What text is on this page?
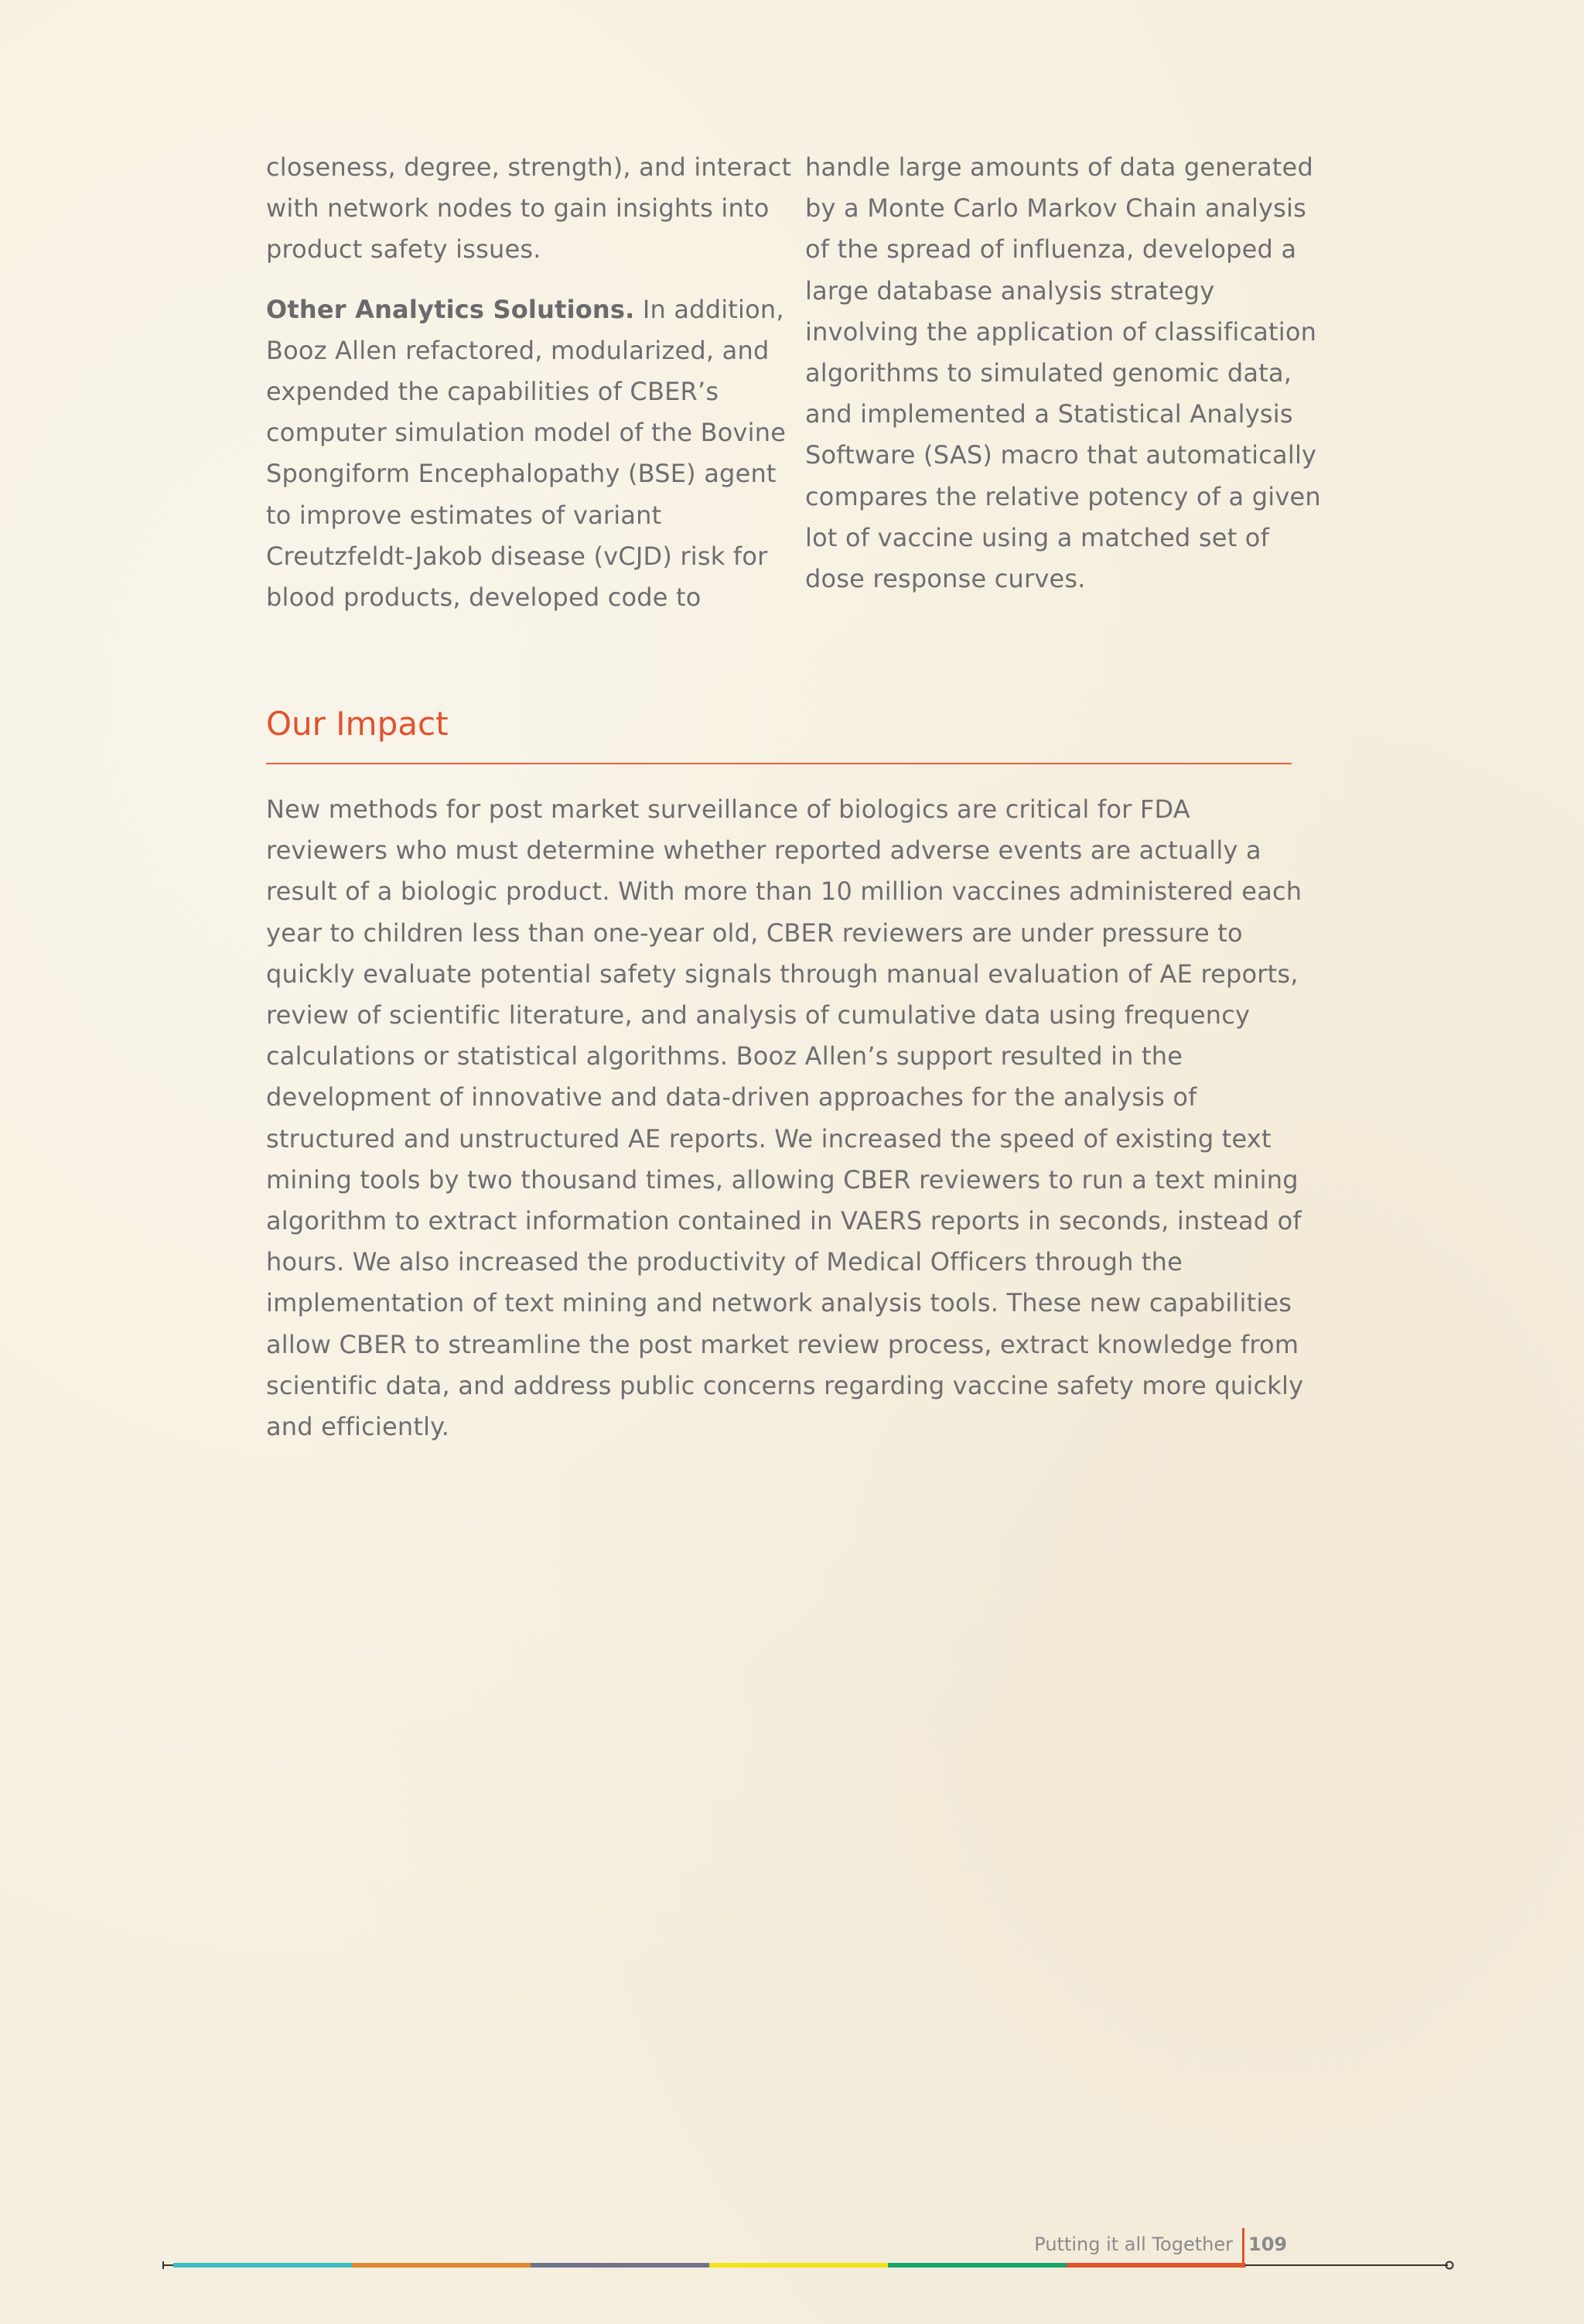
closeness, degree, strength), and interact with network nodes to gain insights into product safety issues.

Other Analytics Solutions. In addition, Booz Allen refactored, modularized, and expended the capabilities of CBER’s computer simulation model of the Bovine Spongiform Encephalopathy (BSE) agent to improve estimates of variant Creutzfeldt-Jakob disease (vCJD) risk for blood products, developed code to

handle large amounts of data generated by a Monte Carlo Markov Chain analysis of the spread of influenza, developed a large database analysis strategy involving the application of classification algorithms to simulated genomic data, and implemented a Statistical Analysis Software (SAS) macro that automatically compares the relative potency of a given lot of vaccine using a matched set of dose response curves.

Our Impact

New methods for post market surveillance of biologics are critical for FDA reviewers who must determine whether reported adverse events are actually a result of a biologic product. With more than 10 million vaccines administered each year to children less than one-year old, CBER reviewers are under pressure to quickly evaluate potential safety signals through manual evaluation of AE reports, review of scientific literature, and analysis of cumulative data using frequency calculations or statistical algorithms. Booz Allen’s support resulted in the development of innovative and data-driven approaches for the analysis of structured and unstructured AE reports. We increased the speed of existing text mining tools by two thousand times, allowing CBER reviewers to run a text mining algorithm to extract information contained in VAERS reports in seconds, instead of hours. We also increased the productivity of Medical Officers through the implementation of text mining and network analysis tools. These new capabilities allow CBER to streamline the post market review process, extract knowledge from scientific data, and address public concerns regarding vaccine safety more quickly and efficiently.

Putting it all Together 109
